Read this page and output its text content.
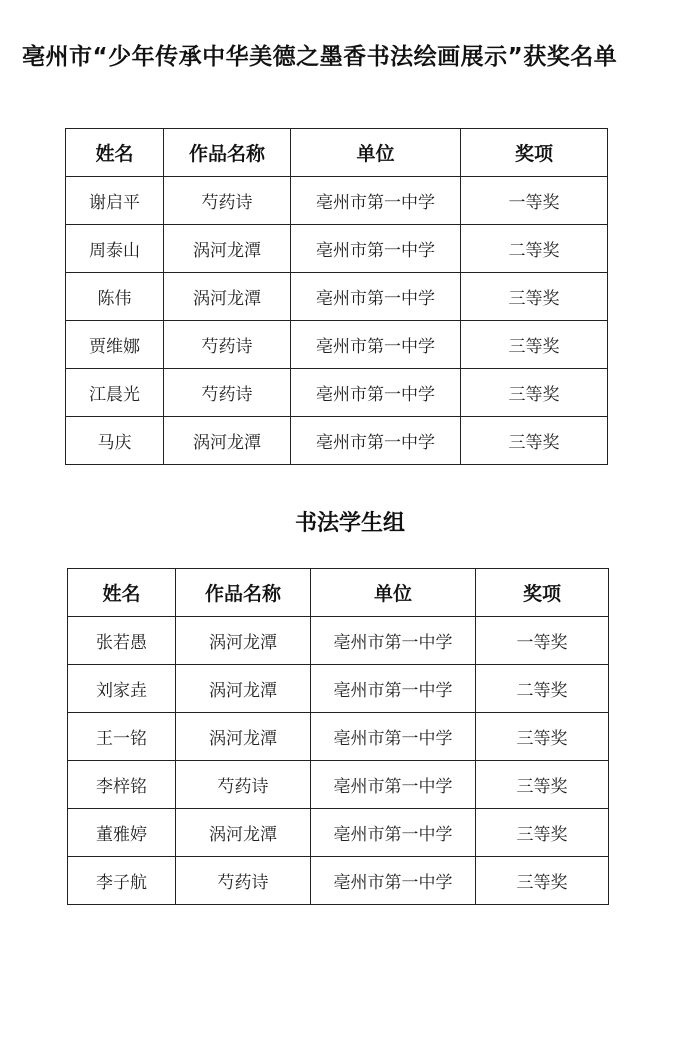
亳州市“少年传承中华美德之墨香书法绘画展示”获奖名单
姓名	作品名称	单位	奖项
谢启平	芍药诗	亳州市第一中学	一等奖
周泰山	涡河龙潭	亳州市第一中学	二等奖
陈伟	涡河龙潭	亳州市第一中学	三等奖
贾维娜	芍药诗	亳州市第一中学	三等奖
江晨光	芍药诗	亳州市第一中学	三等奖
马庆	涡河龙潭	亳州市第一中学	三等奖
书法学生组
姓名	作品名称	单位	奖项
张若愚	涡河龙潭	亳州市第一中学	一等奖
刘家垚	涡河龙潭	亳州市第一中学	二等奖
王一铭	涡河龙潭	亳州市第一中学	三等奖
李梓铭	芍药诗	亳州市第一中学	三等奖
董雅婷	涡河龙潭	亳州市第一中学	三等奖
李子航	芍药诗	亳州市第一中学	三等奖
